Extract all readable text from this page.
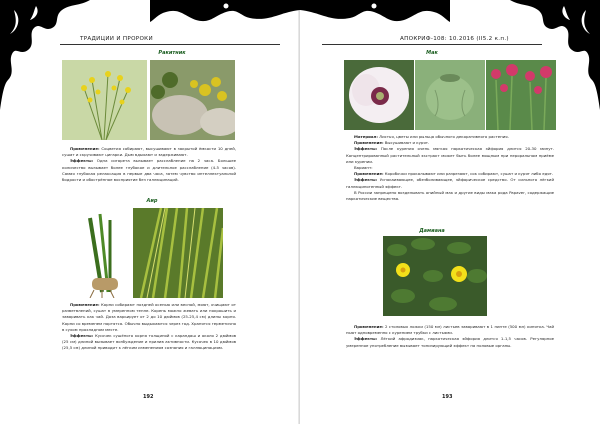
ТРАДИЦИИ И ПРОРОКИ
Ракитник

Применение: Соцветия собирают, высушивают в закрытой ёмкости 10 дней, сушат и скручивают цигарки. Дым вдыхают и задерживают.

Эффекты: Одна сигарета вызывает расслабление на 2 часа. Большее количество вызывает более глубокое и длительное расслабление (4-5 часов). Самая глубокая релаксация в первые два часа, затем чувство интеллектуальной бодрости и обострённое восприятие без галлюцинаций.

Аир

Применение: Корни собирают поздней осенью или весной, моют, очищают от разветвлений, сушат в умеренном тепле. Корень можно жевать или покрошить и заваривать как чай. Доза варьирует от 2 до 10 дюймов (25-25,4 см) длины корня. Корни со временем портятся. Обычно выдыхаются через год. Хранятся герметично в сухом прохладном месте.

Эффекты: Кусочек сушёного корня толщиной с карандаш и около 2 дюймов (25 см) длиной вызывает возбуждение и прилив активности. Кусочек в 10 дюймов (25,5 см) длиной приводит к лёгким изменениям сознания и галлюцинациям.

192
АПОКРИФ-108: 10.2016 (II5.2 к.п.)
Мак

Материал: Листья, цветы или рыльца обычного декоративного растения.

Применение: Высушивают и курят.

Эффекты: После курения очень мягкая наркотическая эйфория длится 20-30 минут. Концентрированный растительный экстракт может быть более мощным при пероральном приёме или курении.

Вариант:

Применение: Коробочки прокалывают или разрезают, сок собирают, сушат и курят либо едят.

Эффекты: Успокаивающее, обезболивающее, эйфорическое средство. От сильного лёгкий галлюциногенный эффект.

В России запрещено возделывать опийный мак и другие виды мака рода Papaver, содержащие наркотические вещества.

Дамиана

Применение: 2 столовых ложки (150 мл) листьев заваривают в 1 пинте (500 мл) кипятка. Чай пьют одновременно с курением трубки с листьями.

Эффекты: Лёгкий афродизиак, наркотическая эйфория длится 1-1,5 часов. Регулярное умеренное употребление вызывает тонизирующий эффект на половые органы.

193
